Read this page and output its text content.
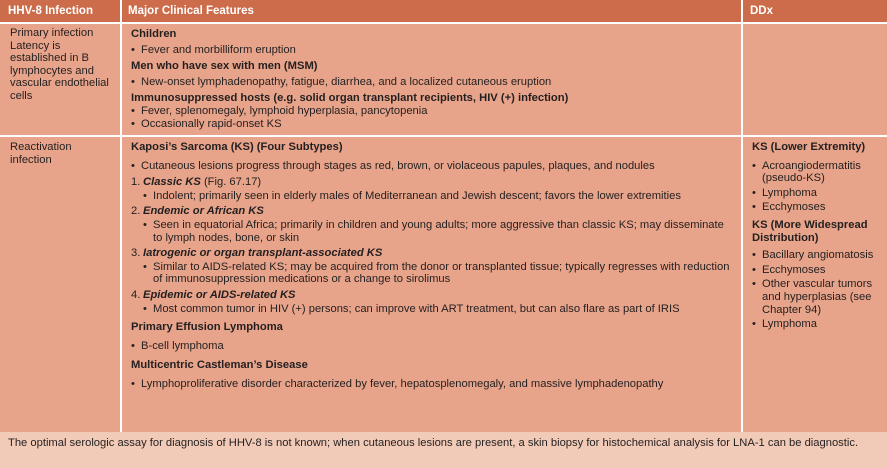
HHV-8 Infection	Major Clinical Features	DDx
Primary infection
Latency is established in B lymphocytes and vascular endothelial cells
Children
• Fever and morbilliform eruption
Men who have sex with men (MSM)
• New-onset lymphadenopathy, fatigue, diarrhea, and a localized cutaneous eruption
Immunosuppressed hosts (e.g. solid organ transplant recipients, HIV (+) infection)
• Fever, splenomegaly, lymphoid hyperplasia, pancytopenia
• Occasionally rapid-onset KS
Reactivation infection
Kaposi’s Sarcoma (KS) (Four Subtypes)
• Cutaneous lesions progress through stages as red, brown, or violaceous papules, plaques, and nodules
1. Classic KS (Fig. 67.17)
• Indolent; primarily seen in elderly males of Mediterranean and Jewish descent; favors the lower extremities
2. Endemic or African KS
• Seen in equatorial Africa; primarily in children and young adults; more aggressive than classic KS; may disseminate to lymph nodes, bone, or skin
3. Iatrogenic or organ transplant-associated KS
• Similar to AIDS-related KS; may be acquired from the donor or transplanted tissue; typically regresses with reduction of immunosuppression medications or a change to sirolimus
4. Epidemic or AIDS-related KS
• Most common tumor in HIV (+) persons; can improve with ART treatment, but can also flare as part of IRIS
Primary Effusion Lymphoma
• B-cell lymphoma
Multicentric Castleman’s Disease
• Lymphoproliferative disorder characterized by fever, hepatosplenomegaly, and massive lymphadenopathy
KS (Lower Extremity)
• Acroangiodermatitis (pseudo-KS)
• Lymphoma
• Ecchymoses
KS (More Widespread Distribution)
• Bacillary angiomatosis
• Ecchymoses
• Other vascular tumors and hyperplasias (see Chapter 94)
• Lymphoma
The optimal serologic assay for diagnosis of HHV-8 is not known; when cutaneous lesions are present, a skin biopsy for histochemical analysis for LNA-1 can be diagnostic.
